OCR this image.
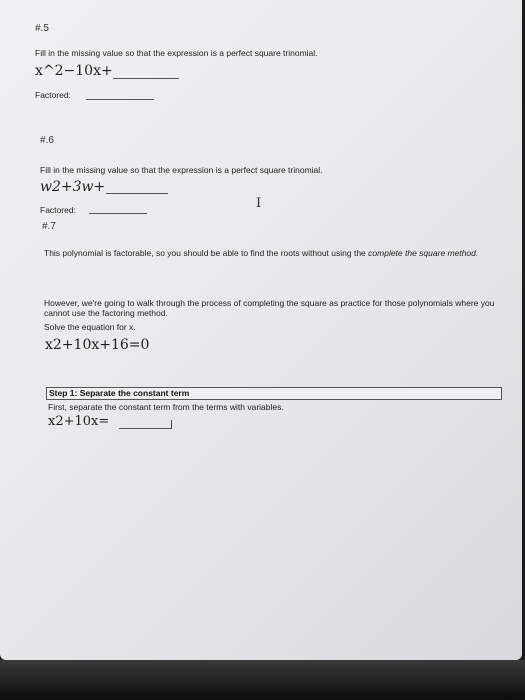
#.5
Fill in the missing value so that the expression is a perfect square trinomial.
x^2−10x+
Factored:
#.6
Fill in the missing value so that the expression is a perfect square trinomial.
w2+3w+
Factored:	I
#.7
This polynomial is factorable, so you should be able to find the roots without using the complete the square method.
However, we're going to walk through the process of completing the square as practice for those polynomials where you cannot use the factoring method.
Solve the equation for x.
x2+10x+16=0
Step 1: Separate the constant term
First, separate the constant term from the terms with variables.
x2+10x=
